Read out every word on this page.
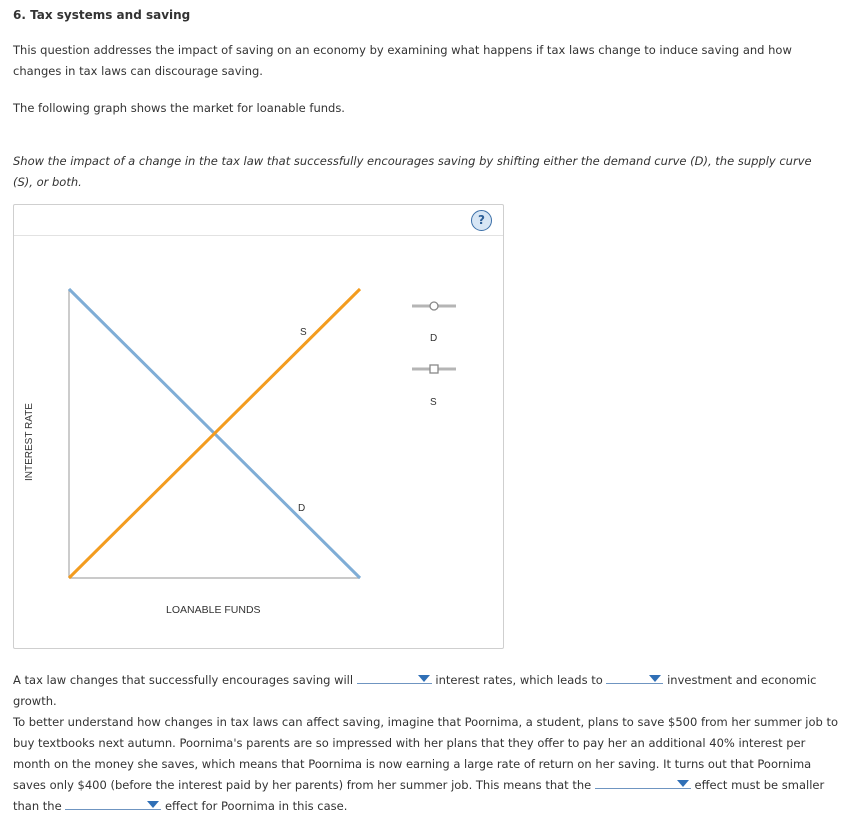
6. Tax systems and saving
This question addresses the impact of saving on an economy by examining what happens if tax laws change to induce saving and how changes in tax laws can discourage saving.
The following graph shows the market for loanable funds.
Show the impact of a change in the tax law that successfully encourages saving by shifting either the demand curve (D), the supply curve (S), or both.
?
S
D
INTEREST RATE
LOANABLE FUNDS
D
S
A tax law changes that successfully encourages saving will	interest rates, which leads to	investment and economic growth.
To better understand how changes in tax laws can affect saving, imagine that Poornima, a student, plans to save $500 from her summer job to buy textbooks next autumn. Poornima's parents are so impressed with her plans that they offer to pay her an additional 40% interest per month on the money she saves, which means that Poornima is now earning a large rate of return on her saving. It turns out that Poornima saves only $400 (before the interest paid by her parents) from her summer job. This means that the	effect must be smaller than the	effect for Poornima in this case.
